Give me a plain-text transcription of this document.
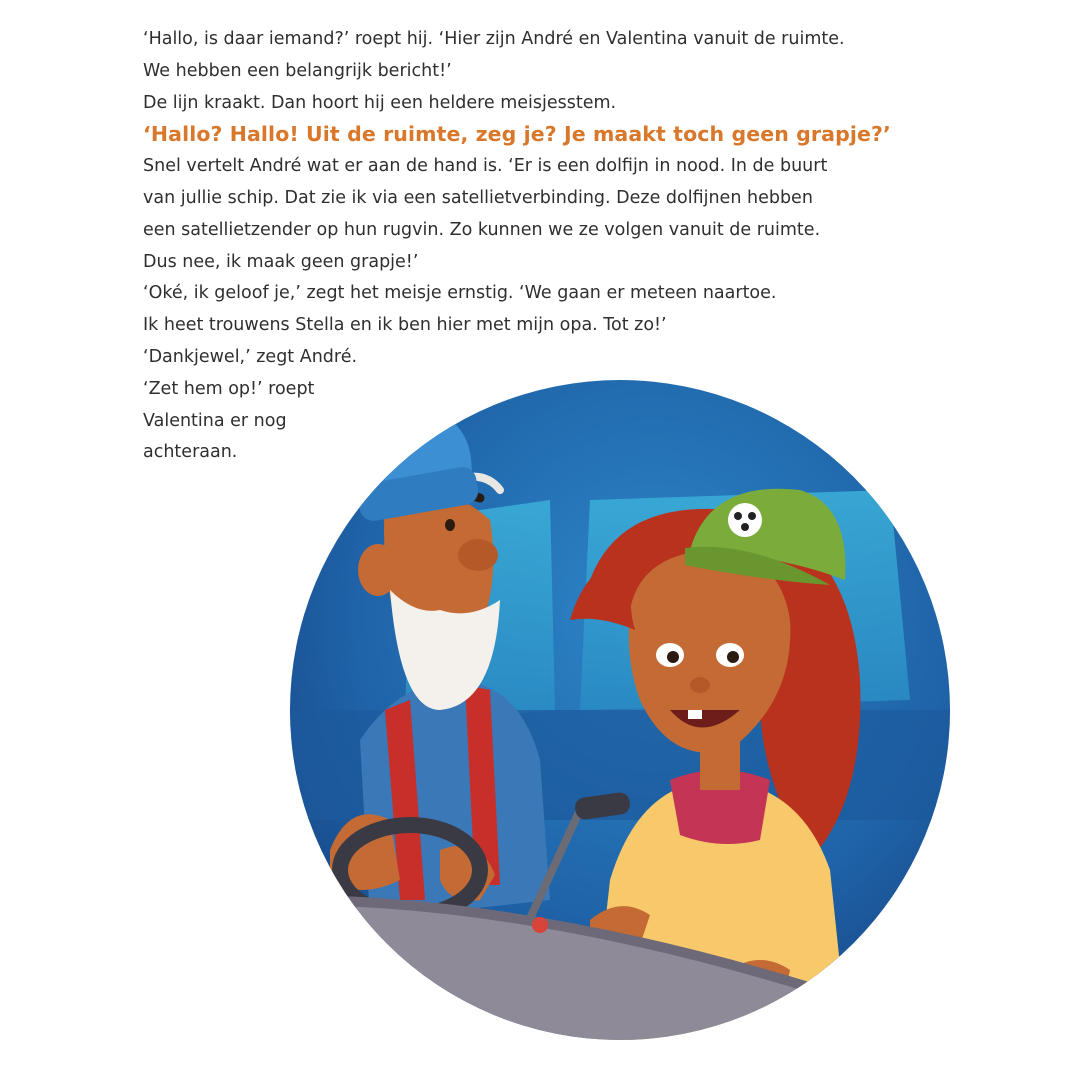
‘Hallo, is daar iemand?’ roept hij. ‘Hier zijn André en Valentina vanuit de ruimte.
We hebben een belangrijk bericht!’
De lijn kraakt. Dan hoort hij een heldere meisjesstem.
‘Hallo? Hallo! Uit de ruimte, zeg je? Je maakt toch geen grapje?’
Snel vertelt André wat er aan de hand is. ‘Er is een dolfijn in nood. In de buurt
van jullie schip. Dat zie ik via een satellietverbinding. Deze dolfijnen hebben
een satellietzender op hun rugvin. Zo kunnen we ze volgen vanuit de ruimte.
Dus nee, ik maak geen grapje!’
‘Oké, ik geloof je,’ zegt het meisje ernstig. ‘We gaan er meteen naartoe.
Ik heet trouwens Stella en ik ben hier met mijn opa. Tot zo!’
‘Dankjewel,’ zegt André.
‘Zet hem op!’ roept
Valentina er nog
achteraan.
